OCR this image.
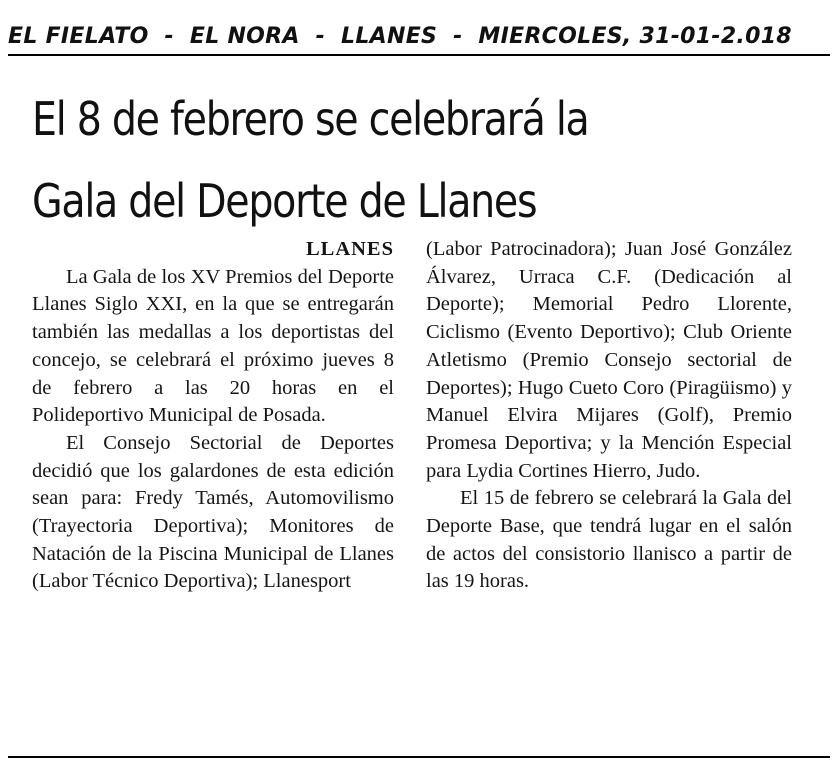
EL FIELATO  -  EL NORA  -  LLANES  -  MIERCOLES, 31-01-2.018
El 8 de febrero se celebrará la
Gala del Deporte de Llanes
LLANES

La Gala de los XV Premios del Deporte Llanes Siglo XXI, en la que se entregarán también las medallas a los deportistas del concejo, se celebrará el próximo jueves 8 de febrero a las 20 horas en el Polideportivo Municipal de Posada.

El Consejo Sectorial de Deportes decidió que los galardones de esta edición sean para: Fredy Tamés, Automovilismo (Trayectoria Deportiva); Monitores de Natación de la Piscina Municipal de Llanes (Labor Técnico Deportiva); Llanesport

(Labor Patrocinadora); Juan José González Álvarez, Urraca C.F. (Dedicación al Deporte); Memorial Pedro Llorente, Ciclismo (Evento Deportivo); Club Oriente Atletismo (Premio Consejo sectorial de Deportes); Hugo Cueto Coro (Piragüismo) y Manuel Elvira Mijares (Golf), Premio Promesa Deportiva; y la Mención Especial para Lydia Cortines Hierro, Judo.

El 15 de febrero se celebrará la Gala del Deporte Base, que tendrá lugar en el salón de actos del consistorio llanisco a partir de las 19 horas.
